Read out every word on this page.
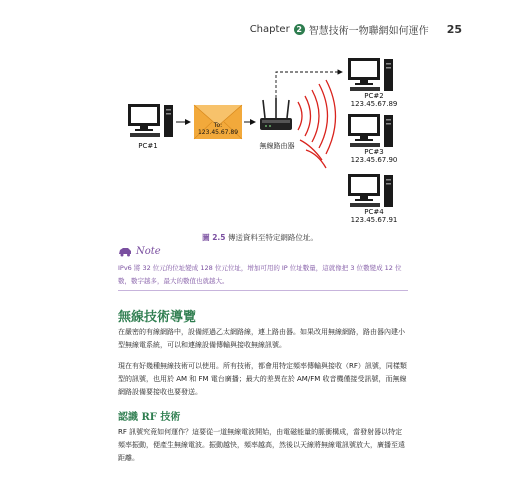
Chapter 2 智慧技術一物聯網如何運作 25
PC#1
To:
123.45.67.89
無線路由器
PC#2
123.45.67.89
PC#3
123.45.67.90
PC#4
123.45.67.91
圖 2.5 傳送資料至特定網路位址。
Note
IPv6 將 32 位元的位址變成 128 位元位址，增加可用的 IP 位址數量，這就像把 3 位數變成 12 位數，數字越多，最大的數值也就越大。
無線技術導覽
在嚴密的有線網路中，設備經過乙太網路線，連上路由器。如果改用無線網路，路由器內建小型無線電系統，可以和連線設備傳輸與接收無線訊號。
現在有好幾種無線技術可以使用。所有技術，都會用特定頻率傳輸與接收（RF）訊號，同樣類型的訊號，也用於 AM 和 FM 電台廣播；最大的差異在於 AM/FM 收音機僅接受訊號，而無線網路設備要接收也要發送。
認識 RF 技術
RF 訊號究竟如何運作？這要從一道無線電波開始，由電磁能量的脈衝構成，當發射器以特定頻率振動，便產生無線電波。振動越快，頻率越高，然後以天線將無線電訊號放大，廣播至遠距離。
